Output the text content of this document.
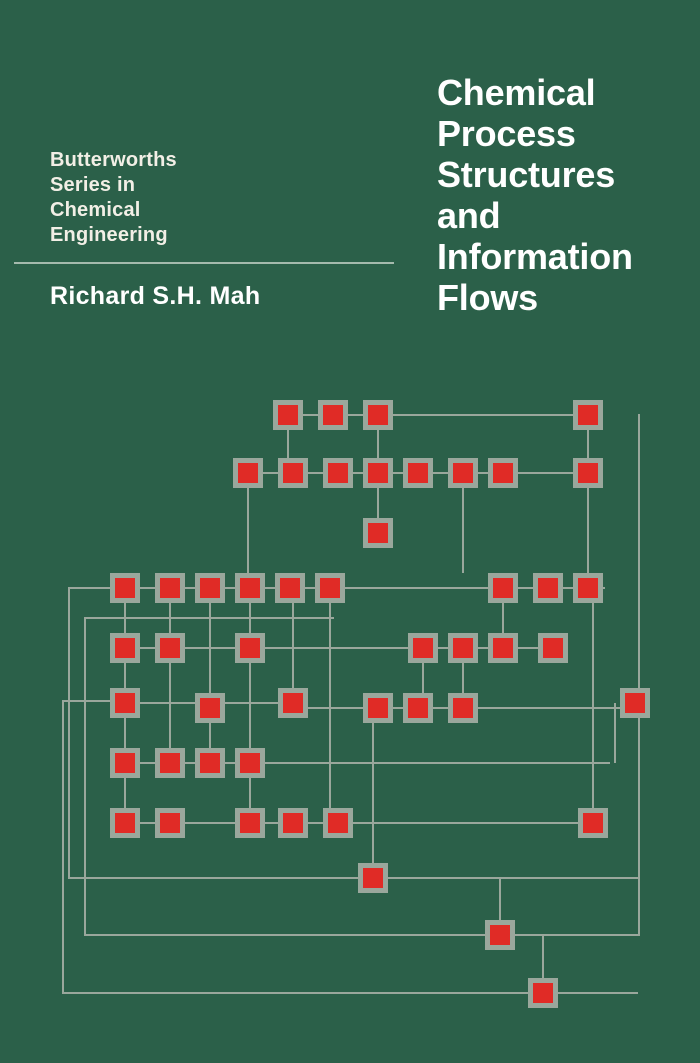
Butterworths
Series in
Chemical
Engineering
Richard S.H. Mah
Chemical
Process
Structures
and
Information
Flows
